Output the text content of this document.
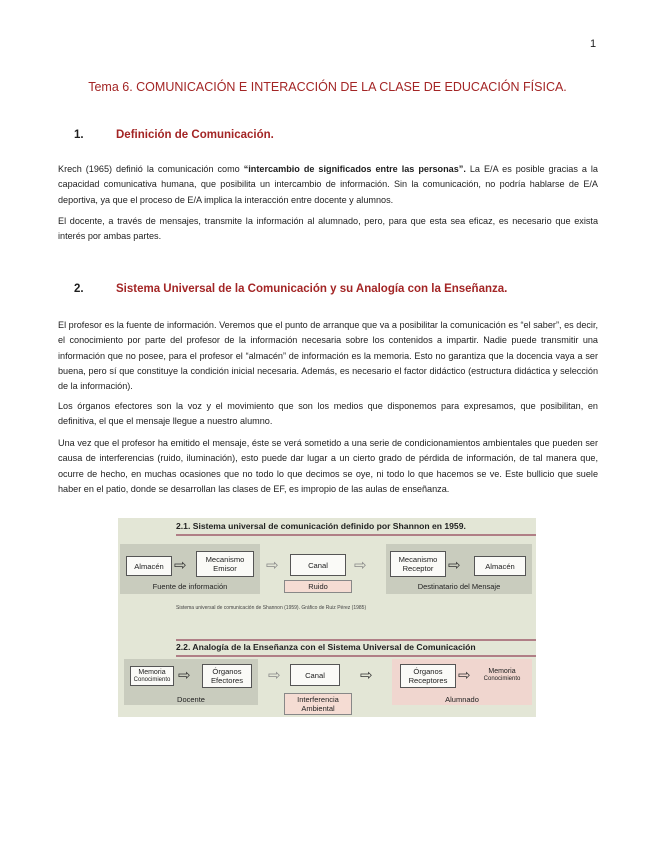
1
Tema 6. COMUNICACIÓN E INTERACCIÓN DE LA CLASE DE EDUCACIÓN FÍSICA.
1.	Definición de Comunicación.

Krech (1965) definió la comunicación como “intercambio de significados entre las personas”. La E/A es posible gracias a la capacidad comunicativa humana, que posibilita un intercambio de información. Sin la comunicación, no podría hablarse de E/A deportiva, ya que el proceso de E/A implica la interacción entre docente y alumnos.

El docente, a través de mensajes, transmite la información al alumnado, pero, para que esta sea eficaz, es necesario que exista interés por ambas partes.

2.	Sistema Universal de la Comunicación y su Analogía con la Enseñanza.

El profesor es la fuente de información. Veremos que el punto de arranque que va a posibilitar la comunicación es “el saber”, es decir, el conocimiento por parte del profesor de la información necesaria sobre los contenidos a impartir. Nadie puede transmitir una información que no posee, para el profesor el “almacén” de información es la memoria. Esto no garantiza que la docencia vaya a ser buena, pero sí que constituye la condición inicial necesaria. Además, es necesario el factor didáctico (estructura didáctica y selección de la información).

Los órganos efectores son la voz y el movimiento que son los medios que disponemos para expresamos, que posibilitan, en definitiva, el que el mensaje llegue a nuestro alumno.

Una vez que el profesor ha emitido el mensaje, éste se verá sometido a una serie de condicionamientos ambientales que pueden ser causa de interferencias (ruido, iluminación), esto puede dar lugar a un cierto grado de pérdida de información, de tal manera que, ocurre de hecho, en muchas ocasiones que no todo lo que decimos se oye, ni todo lo que hacemos se ve. Este bullicio que suele haber en el patio, donde se desarrollan las clases de EF, es impropio de las aulas de enseñanza.

2.1. Sistema universal de comunicación definido por Shannon en 1959.
Almacén ⇨	Mecanismo Emisor
Fuente de información
⇨	Canal
Ruido
⇨	Mecanismo Receptor ⇨	Almacén
Destinatario del Mensaje
Sistema universal de comunicación de Shannon (1959). Gráfico de Ruiz Pérez (1985)
2.2. Analogía de la Enseñanza con el Sistema Universal de Comunicación
Memoria
Conocimiento ⇨	Órganos Efectores
Docente
⇨	Canal
Interferencia Ambiental
⇨	Órganos Receptores ⇨	Memoria
Conocimiento
Alumnado
